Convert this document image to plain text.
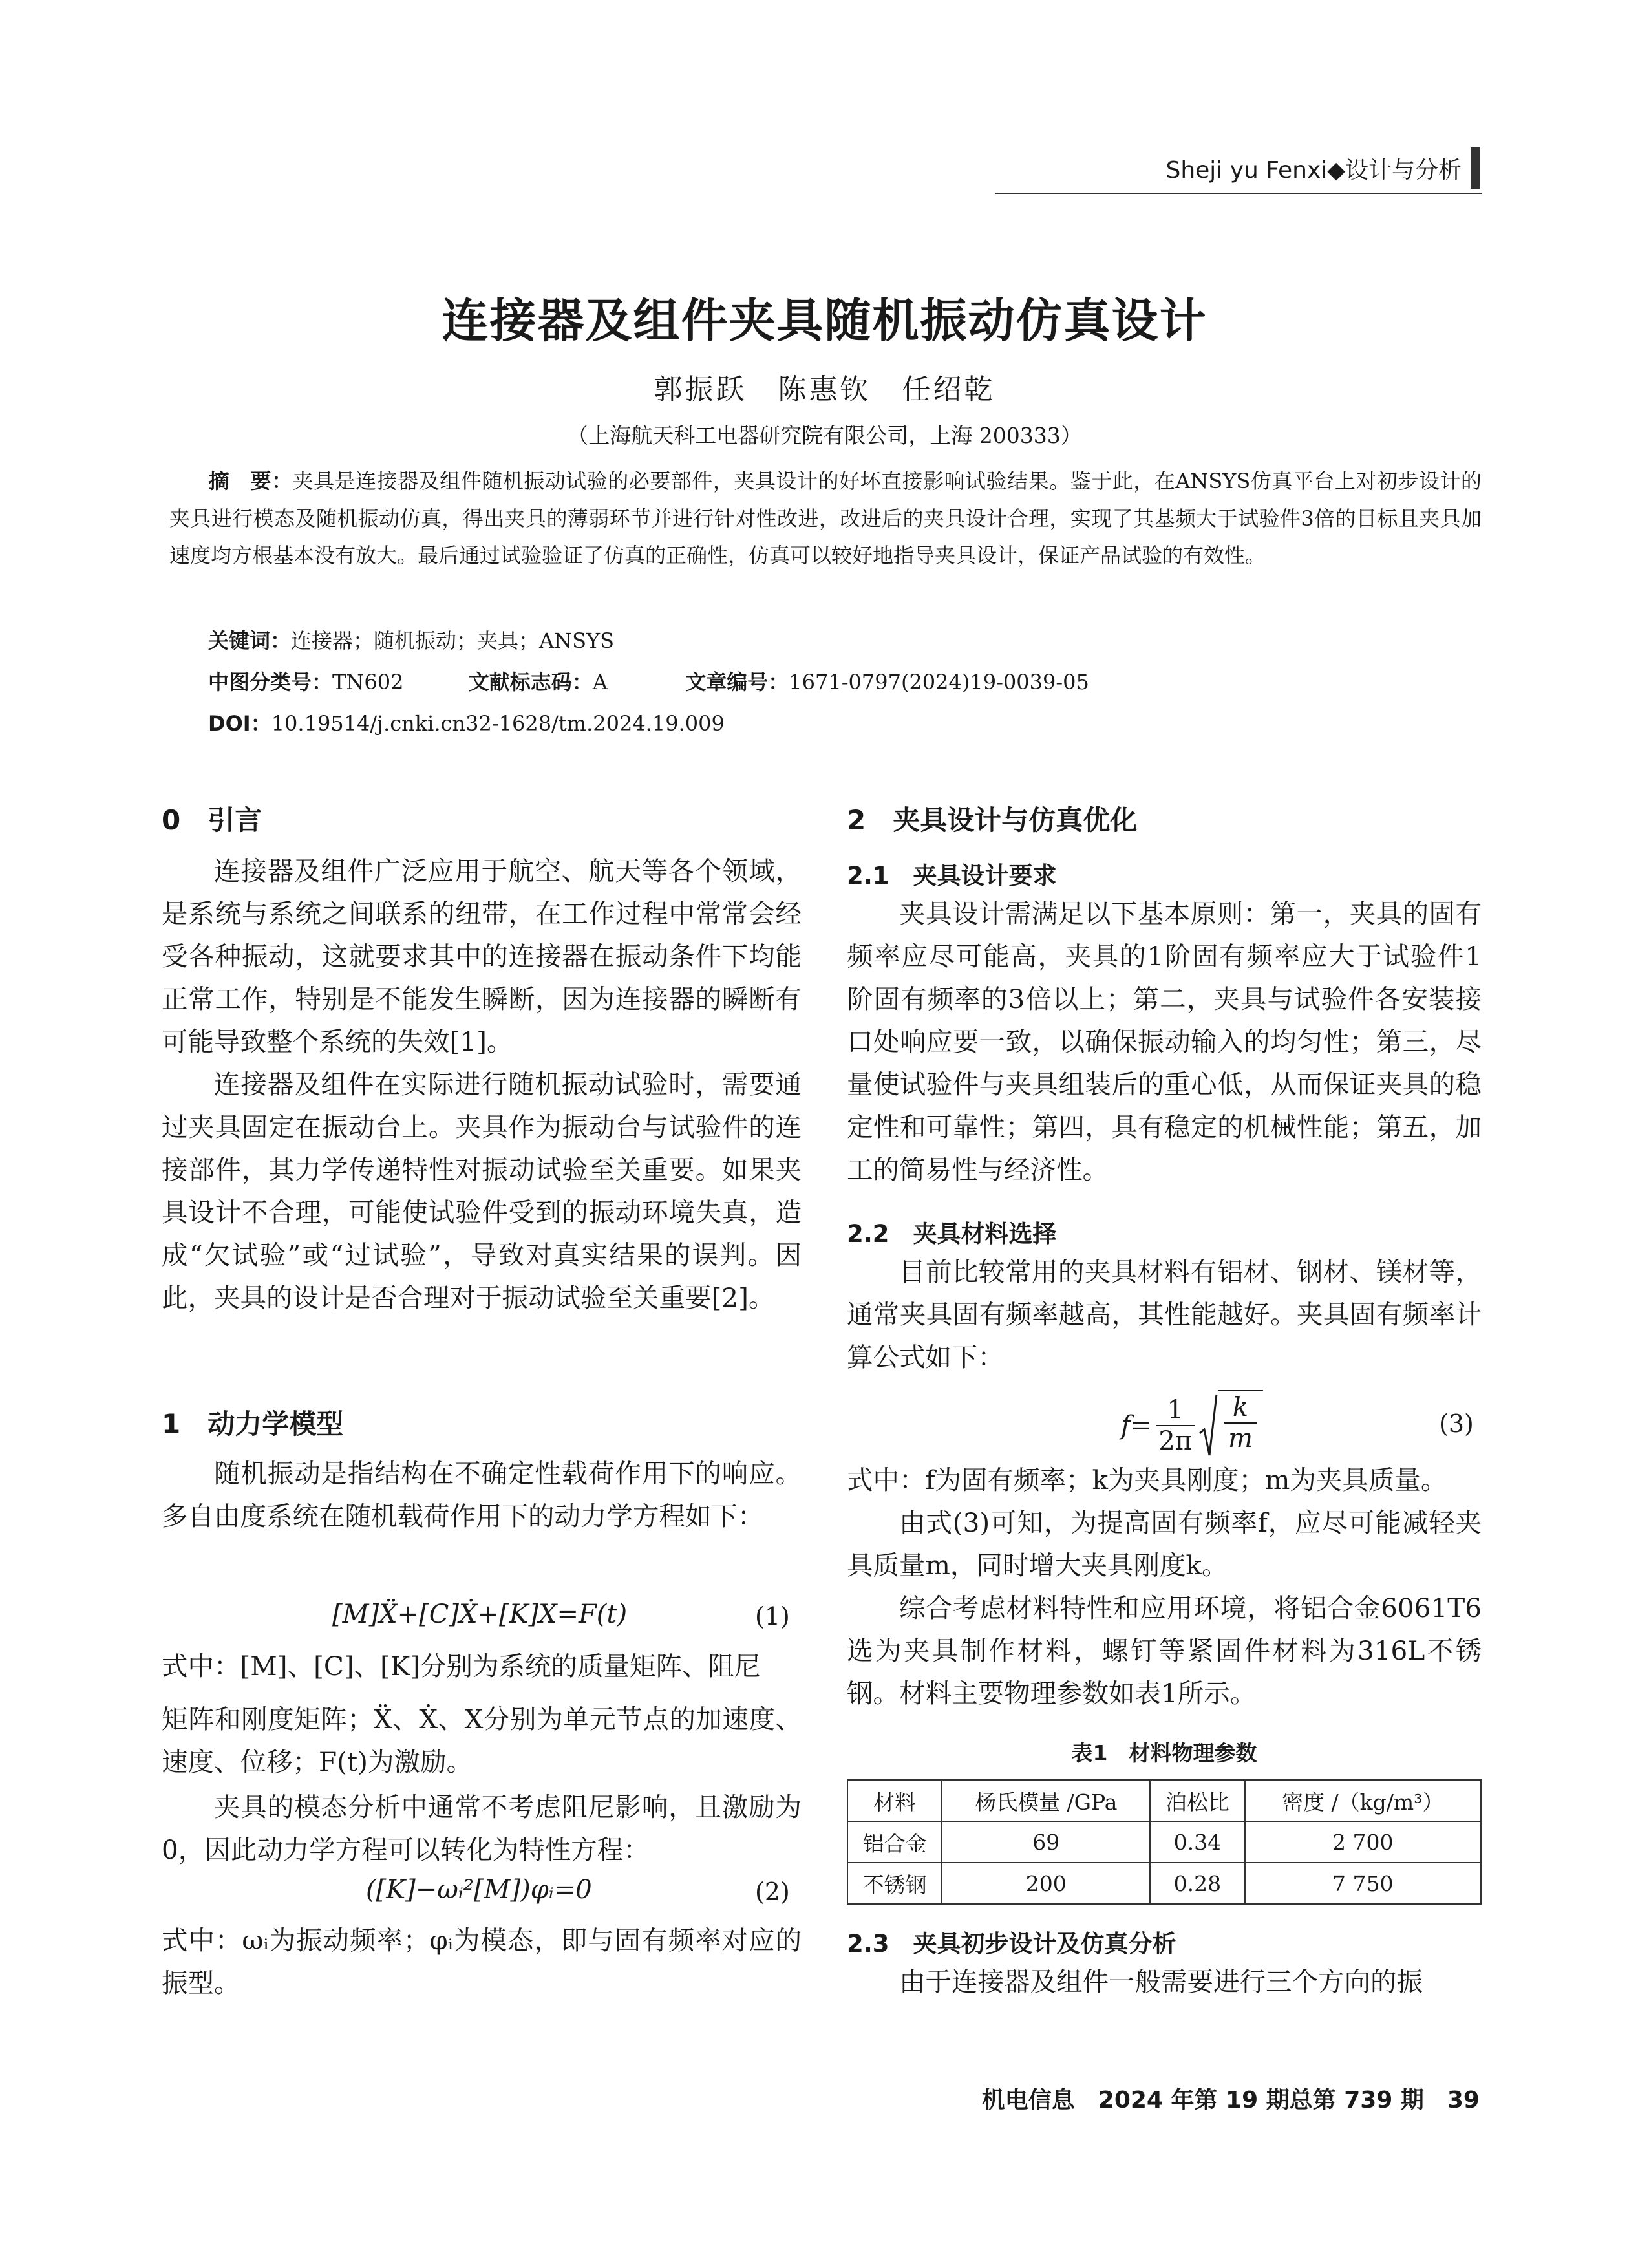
Sheji yu Fenxi◆设计与分析
连接器及组件夹具随机振动仿真设计
郭振跃　陈惠钦　任绍乾
（上海航天科工电器研究院有限公司，上海 200333）
摘　要：夹具是连接器及组件随机振动试验的必要部件，夹具设计的好坏直接影响试验结果。鉴于此，在ANSYS仿真平台上对初步设计的夹具进行模态及随机振动仿真，得出夹具的薄弱环节并进行针对性改进，改进后的夹具设计合理，实现了其基频大于试验件3倍的目标且夹具加速度均方根基本没有放大。最后通过试验验证了仿真的正确性，仿真可以较好地指导夹具设计，保证产品试验的有效性。
关键词：连接器；随机振动；夹具；ANSYS
中图分类号：TN602	文献标志码：A	文章编号：1671-0797(2024)19-0039-05
DOI：10.19514/j.cnki.cn32-1628/tm.2024.19.009
0　引言

连接器及组件广泛应用于航空、航天等各个领域，是系统与系统之间联系的纽带，在工作过程中常常会经受各种振动，这就要求其中的连接器在振动条件下均能正常工作，特别是不能发生瞬断，因为连接器的瞬断有可能导致整个系统的失效[1]。

连接器及组件在实际进行随机振动试验时，需要通过夹具固定在振动台上。夹具作为振动台与试验件的连接部件，其力学传递特性对振动试验至关重要。如果夹具设计不合理，可能使试验件受到的振动环境失真，造成“欠试验”或“过试验”，导致对真实结果的误判。因此，夹具的设计是否合理对于振动试验至关重要[2]。

1　动力学模型

随机振动是指结构在不确定性载荷作用下的响应。多自由度系统在随机载荷作用下的动力学方程如下：

[M]Ẍ+[C]Ẋ+[K]X=F(t)	(1)
式中：[M]、[C]、[K]分别为系统的质量矩阵、阻尼
矩阵和刚度矩阵；Ẍ、Ẋ、X分别为单元节点的加速度、速度、位移；F(t)为激励。

夹具的模态分析中通常不考虑阻尼影响，且激励为0，因此动力学方程可以转化为特性方程：

([K]−ωᵢ²[M])φᵢ=0	(2)
式中：ωᵢ为振动频率；φᵢ为模态，即与固有频率对应的振型。
2　夹具设计与仿真优化
2.1　夹具设计要求

夹具设计需满足以下基本原则：第一，夹具的固有频率应尽可能高，夹具的1阶固有频率应大于试验件1阶固有频率的3倍以上；第二，夹具与试验件各安装接口处响应要一致，以确保振动输入的均匀性；第三，尽量使试验件与夹具组装后的重心低，从而保证夹具的稳定性和可靠性；第四，具有稳定的机械性能；第五，加工的简易性与经济性。

2.2　夹具材料选择

目前比较常用的夹具材料有铝材、钢材、镁材等，通常夹具固有频率越高，其性能越好。夹具固有频率计算公式如下：

$f= \frac{1}{2\pi} \frac{k}{m}$	(3)
式中：f为固有频率；k为夹具刚度；m为夹具质量。

由式(3)可知，为提高固有频率f，应尽可能减轻夹具质量m，同时增大夹具刚度k。

综合考虑材料特性和应用环境，将铝合金6061T6选为夹具制作材料，螺钉等紧固件材料为316L不锈钢。材料主要物理参数如表1所示。

表1　材料物理参数
材料	杨氏模量 /GPa	泊松比	密度 /（kg/m³）
铝合金	69	0.34	2 700
不锈钢	200	0.28	7 750
2.3　夹具初步设计及仿真分析

由于连接器及组件一般需要进行三个方向的振

机电信息　2024 年第 19 期总第 739 期　39
